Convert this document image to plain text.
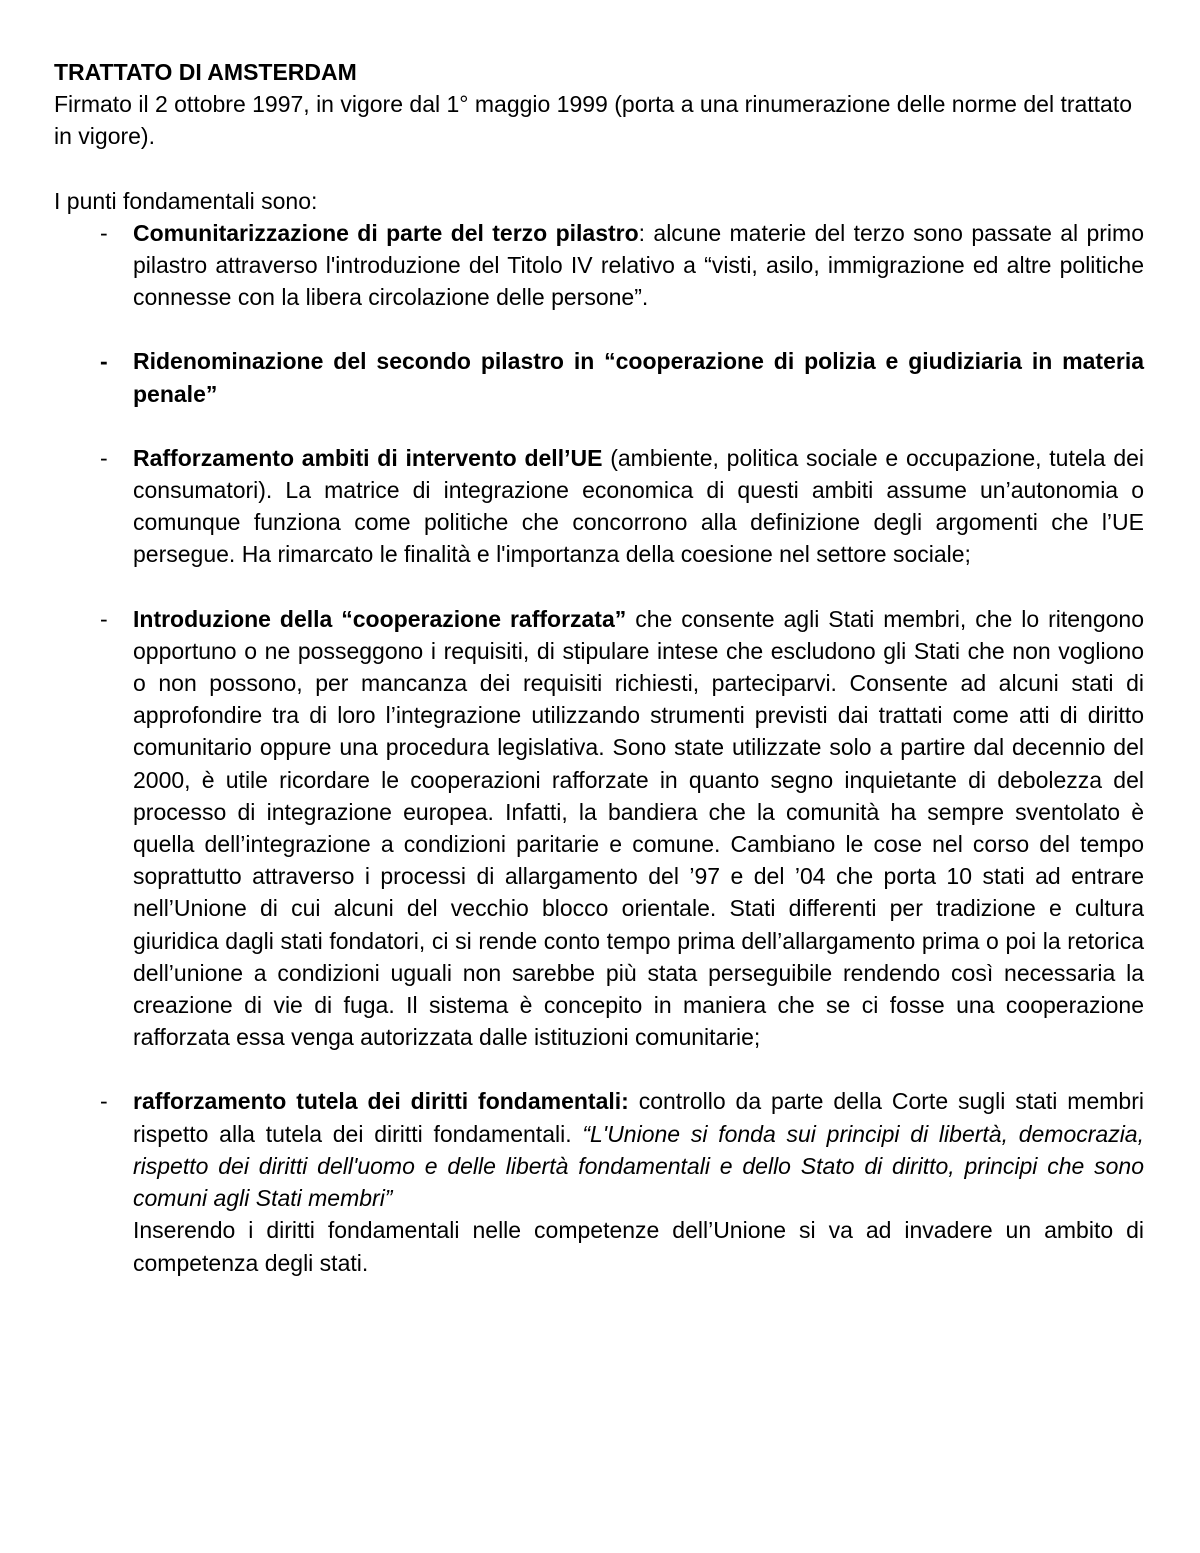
TRATTATO DI AMSTERDAM

Firmato il 2 ottobre 1997, in vigore dal 1° maggio 1999 (porta a una rinumerazione delle norme del trattato in vigore).

I punti fondamentali sono:

- Comunitarizzazione di parte del terzo pilastro: alcune materie del terzo sono passate al primo pilastro attraverso l'introduzione del Titolo IV relativo a “visti, asilo, immigrazione ed altre politiche connesse con la libera circolazione delle persone”.

- Ridenominazione del secondo pilastro in “cooperazione di polizia e giudiziaria in materia penale”

- Rafforzamento ambiti di intervento dell’UE (ambiente, politica sociale e occupazione, tutela dei consumatori). La matrice di integrazione economica di questi ambiti assume un’autonomia o comunque funziona come politiche che concorrono alla definizione degli argomenti che l’UE persegue. Ha rimarcato le finalità e l'importanza della coesione nel settore sociale;

- Introduzione della “cooperazione rafforzata” che consente agli Stati membri, che lo ritengono opportuno o ne posseggono i requisiti, di stipulare intese che escludono gli Stati che non vogliono o non possono, per mancanza dei requisiti richiesti, parteciparvi. Consente ad alcuni stati di approfondire tra di loro l’integrazione utilizzando strumenti previsti dai trattati come atti di diritto comunitario oppure una procedura legislativa. Sono state utilizzate solo a partire dal decennio del 2000, è utile ricordare le cooperazioni rafforzate in quanto segno inquietante di debolezza del processo di integrazione europea. Infatti, la bandiera che la comunità ha sempre sventolato è quella dell’integrazione a condizioni paritarie e comune. Cambiano le cose nel corso del tempo soprattutto attraverso i processi di allargamento del ’97 e del ’04 che porta 10 stati ad entrare nell’Unione di cui alcuni del vecchio blocco orientale. Stati differenti per tradizione e cultura giuridica dagli stati fondatori, ci si rende conto tempo prima dell’allargamento prima o poi la retorica dell’unione a condizioni uguali non sarebbe più stata perseguibile rendendo così necessaria la creazione di vie di fuga. Il sistema è concepito in maniera che se ci fosse una cooperazione rafforzata essa venga autorizzata dalle istituzioni comunitarie;

- rafforzamento tutela dei diritti fondamentali: controllo da parte della Corte sugli stati membri rispetto alla tutela dei diritti fondamentali. “L'Unione si fonda sui principi di libertà, democrazia, rispetto dei diritti dell'uomo e delle libertà fondamentali e dello Stato di diritto, principi che sono comuni agli Stati membri”

Inserendo i diritti fondamentali nelle competenze dell’Unione si va ad invadere un ambito di competenza degli stati.
